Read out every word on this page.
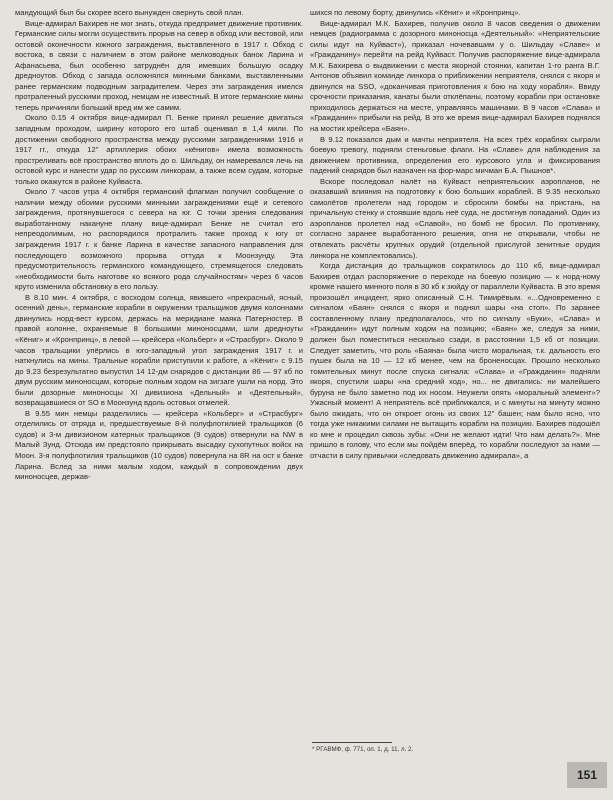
мандующий был бы скорее всего вынужден свернуть свой план.

Вице-адмирал Бахирев не мог знать, откуда предпримет движение противник. Германские силы могли осуществить прорыв на север в обход или вестовой, или остовой оконечности южного заграждения, выставленного в 1917 г. Обход с востока, в связи с наличием в этом районе мелководных банок Ларина и Афанасьева, был особенно затруднён для имевших большую осадку дредноутов. Обход с запада осложнялся минными банками, выставленными ранее германским подводным заградителем. Через эти заграждения имелся протраленный русскими проход, немцам не известный. В итоге германские мины теперь причиняли больший вред им же самим.

Около 0.15 4 октября вице-адмирал П. Бенке принял решение двигаться западным проходом, ширину которого его штаб оценивал в 1,4 мили. По достижении свободного пространства между русскими заграждениями 1916 и 1917 гг., откуда 12" артиллерия обоих «кёнигов» имела возможность простреливать всё пространство вплоть до о. Шильдау, он намеревался лечь на остовой курс и нанести удар по русским линкорам, а также всем судам, которые только окажутся в районе Куйваста.

Около 7 часов утра 4 октября германский флагман получил сообщение о наличии между обоими русскими минными заграждениями ещё и сетевого заграждения, протянувшегося с севера на юг. С точки зрения следования выработанному накануне плану вице-адмирал Бенке не считал его непреодолимым, но распорядился протралить также проход к югу от заграждения 1917 г. к банке Ларина в качестве запасного направления для последующего возможного прорыва оттуда к Моонзунду. Эта предусмотрительность германского командующего, стремящегося следовать «необходимости быть наготове ко всякого рода случайностям» через 6 часов круто изменила обстановку в его пользу.

В 8.10 мин. 4 октября, с восходом солнца, явившего «прекрасный, ясный, осенний день», германские корабли в окружении тральщиков двумя колоннами двинулись норд-вест курсом, держась на меридиане маяка Патерностер. В правой колонне, охраняемые 8 большими миноносцами, шли дредноуты «Кёниг» и «Кронпринц», в левой — крейсера «Кольберг» и «Страсбург». Около 9 часов тральщики упёрлись в юго-западный угол заграждения 1917 г. и наткнулись на мины. Тральные корабли приступили к работе, а «Кёниг» с 9.15 до 9.23 безрезультатно выпустил 14 12-дм снарядов с дистанции 86 — 97 кб по двум русским миноносцам, которые полным ходом на зигзаге ушли на норд. Это были дозорные миноносцы XI дивизиона «Дельный» и «Деятельный», возвращавшиеся от SO в Моонзунд вдоль остовых отмелей.

В 9.55 мин немцы разделились — крейсера «Кольберг» и «Страсбург» отделились от отряда и, предшествуемые 8-й полуфлотилией тральщиков (6 судов) и 3-м дивизионом катерных тральщиков (9 судов) отвернули на NW в Малый Зунд. Отсюда им предстояло прикрывать высадку сухопутных войск на Моон. 3-я полуфлотилия тральщиков (10 судов) повернула на 8R на ост к банке Ларина. Вслед за ними малым ходом, каждый в сопровождении двух миноносцев, держав-

шихся по левому борту, двинулись «Кёниг» и «Кронпринц».

Вице-адмирал М.К. Бахирев, получив около 8 часов сведения о движении немцев (радиограмма с дозорного миноносца «Деятельный»: «Неприятельские силы идут на Куйваст»), приказал ночевавшим у о. Шильдау «Славе» и «Гражданину» перейти на рейд Куйваст. Получив распоряжение вице-адмирала М.К. Бахирева о выдвижении с места якорной стоянки, капитан 1-го ранга В.Г. Антонов объявил команде линкора о приближении неприятеля, снялся с якоря и двинулся на SSO, «доканчивая приготовления к бою на ходу корабля». Ввиду срочности приказания, канаты были отклёпаны, поэтому корабли при остановке приходилось держаться на месте, управляясь машинами. В 9 часов «Слава» и «Гражданин» прибыли на рейд. В это же время вице-адмирал Бахирев поднялся на мостик крейсера «Баян».

В 9.12 показался дым и мачты неприятеля. На всех трёх кораблях сыграли боевую тревогу, подняли стеньговые флаги. На «Славе» для наблюдения за движением противника, определения его курсового угла и фиксирования падений снарядов был назначен на фор-марс мичман Б.А. Пышнов*.

Вскоре последовал налёт на Куйваст неприятельских аэропланов, не оказавший влияния на подготовку к бою больших кораблей. В 9.35 несколько самолётов пролетели над городом и сбросили бомбы на пристань, на причальную стенку и стоявшие вдоль неё суда, не достигнув попаданий. Один из аэропланов пролетел над «Славой», но бомб не бросил. По противнику, согласно заранее выработанного решения, огня не открывали, чтобы не отвлекать расчёты крупных орудий (отдельной прислугой зенитные орудия линкора не комплектовались).

Когда дистанция до тральщиков сократилось до 110 кб, вице-адмирал Бахирев отдал распоряжение о переходе на боевую позицию — к норд-ному кромке нашего минного поля в 30 кб к зюйду от параллели Куйваста. В это время произошёл инцидент, ярко описанный С.Н. Тимирёвым. «...Одновременно с сигналом «Баян» снялся с якоря и поднял шары «на стоп». По заранее составленному плану предполагалось, что по сигналу «Буки», «Слава» и «Гражданин» идут полным ходом на позицию; «Баян» же, следуя за ними, должен был поместиться несколько сзади, в расстоянии 1,5 кб от позиции. Следует заметить, что роль «Баяна» была чисто моральная, т.к. дальность его пушек была на 10 — 12 кб менее, чем на броненосцах. Прошло несколько томительных минут после спуска сигнала: «Слава» и «Гражданин» подняли якоря, спустили шары «на средний ход», но... не двигались: ни малейшего буруна не было заметно под их носом. Неужели опять «моральный элемент»? Ужасный момент! А неприятель всё приближался, и с минуты на минуту можно было ожидать, что он откроет огонь из своих 12" башен; нам было ясно, что тогда уже никакими силами не вытащить корабли на позицию. Бахирев подошёл ко мне и процедил сквозь зубы: «Они не желают идти! Что нам делать?». Мне пришло в голову, что если мы пойдём вперёд, то корабли последуют за нами — отчасти в силу привычки «следовать движению адмирала», а

* РГАВМФ, ф. 771, оп. 1, д. 11, л. 2.
151
